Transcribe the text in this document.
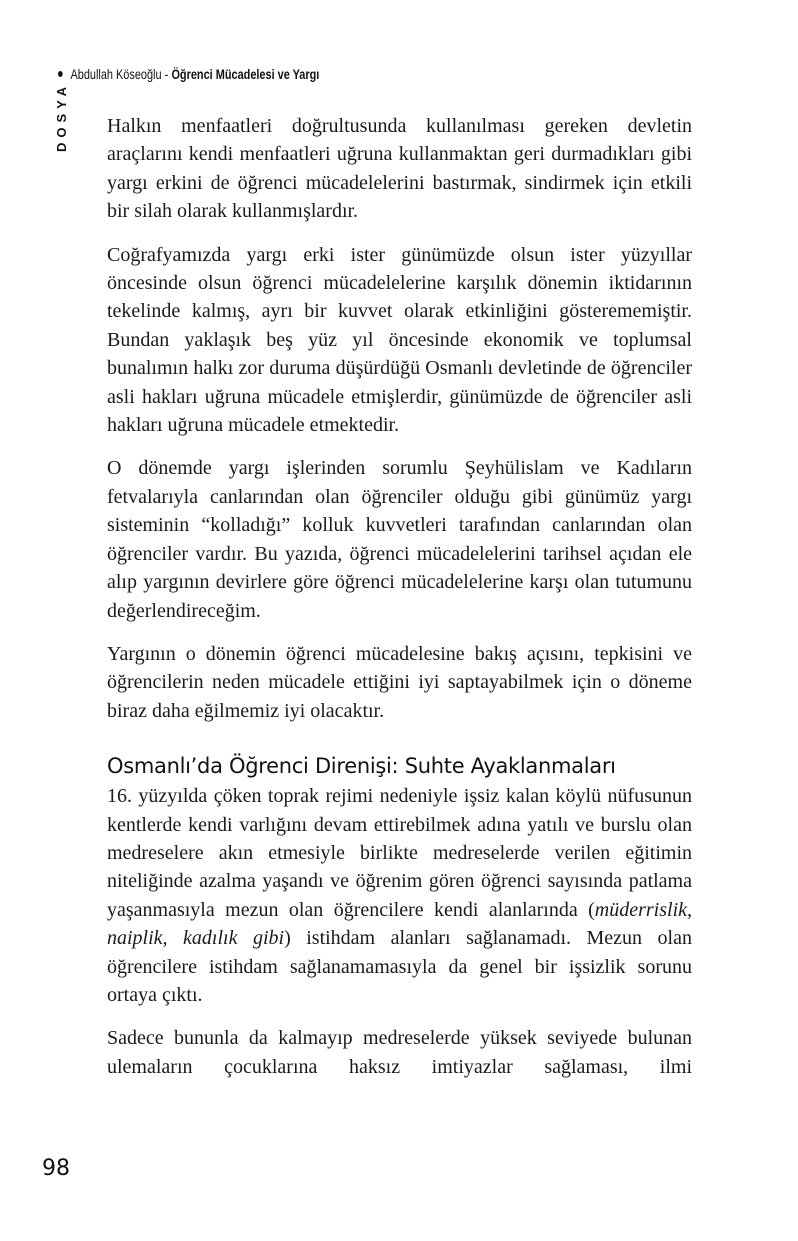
Abdullah Köseoğlu - Öğrenci Mücadelesi ve Yargı
DOSYA Halkın menfaatleri doğrultusunda kullanılması gereken devletin araçlarını kendi menfaatleri uğruna kullanmaktan geri durmadıkları gibi yargı erkini de öğrenci mücadelelerini bastırmak, sindirmek için etkili bir silah olarak kullanmışlardır.

Coğrafyamızda yargı erki ister günümüzde olsun ister yüzyıllar öncesinde olsun öğrenci mücadelelerine karşılık dönemin iktidarının tekelinde kalmış, ayrı bir kuvvet olarak etkinliğini gösterememiştir. Bundan yaklaşık beş yüz yıl öncesinde ekonomik ve toplumsal bunalımın halkı zor duruma düşürdüğü Osmanlı devletinde de öğrenciler asli hakları uğruna mücadele etmişlerdir, günümüzde de öğrenciler asli hakları uğruna mücadele etmektedir.

O dönemde yargı işlerinden sorumlu Şeyhülislam ve Kadıların fetvalarıyla canlarından olan öğrenciler olduğu gibi günümüz yargı sisteminin “kolladığı” kolluk kuvvetleri tarafından canlarından olan öğrenciler vardır. Bu yazıda, öğrenci mücadelelerini tarihsel açıdan ele alıp yargının devirlere göre öğrenci mücadelelerine karşı olan tutumunu değerlendireceğim.

Yargının o dönemin öğrenci mücadelesine bakış açısını, tepkisini ve öğrencilerin neden mücadele ettiğini iyi saptayabilmek için o döneme biraz daha eğilmemiz iyi olacaktır.

Osmanlı’da Öğrenci Direnişi: Suhte Ayaklanmaları

16. yüzyılda çöken toprak rejimi nedeniyle işsiz kalan köylü nüfusunun kentlerde kendi varlığını devam ettirebilmek adına yatılı ve burslu olan medreselere akın etmesiyle birlikte medreselerde verilen eğitimin niteliğinde azalma yaşandı ve öğrenim gören öğrenci sayısında patlama yaşanmasıyla mezun olan öğrencilere kendi alanlarında (müderrislik, naiplik, kadılık gibi) istihdam alanları sağlanamadı. Mezun olan öğrencilere istihdam sağlanamamasıyla da genel bir işsizlik sorunu ortaya çıktı.

Sadece bununla da kalmayıp medreselerde yüksek seviyede bulunan ulemaların çocuklarına haksız imtiyazlar sağlaması, ilmi

98
